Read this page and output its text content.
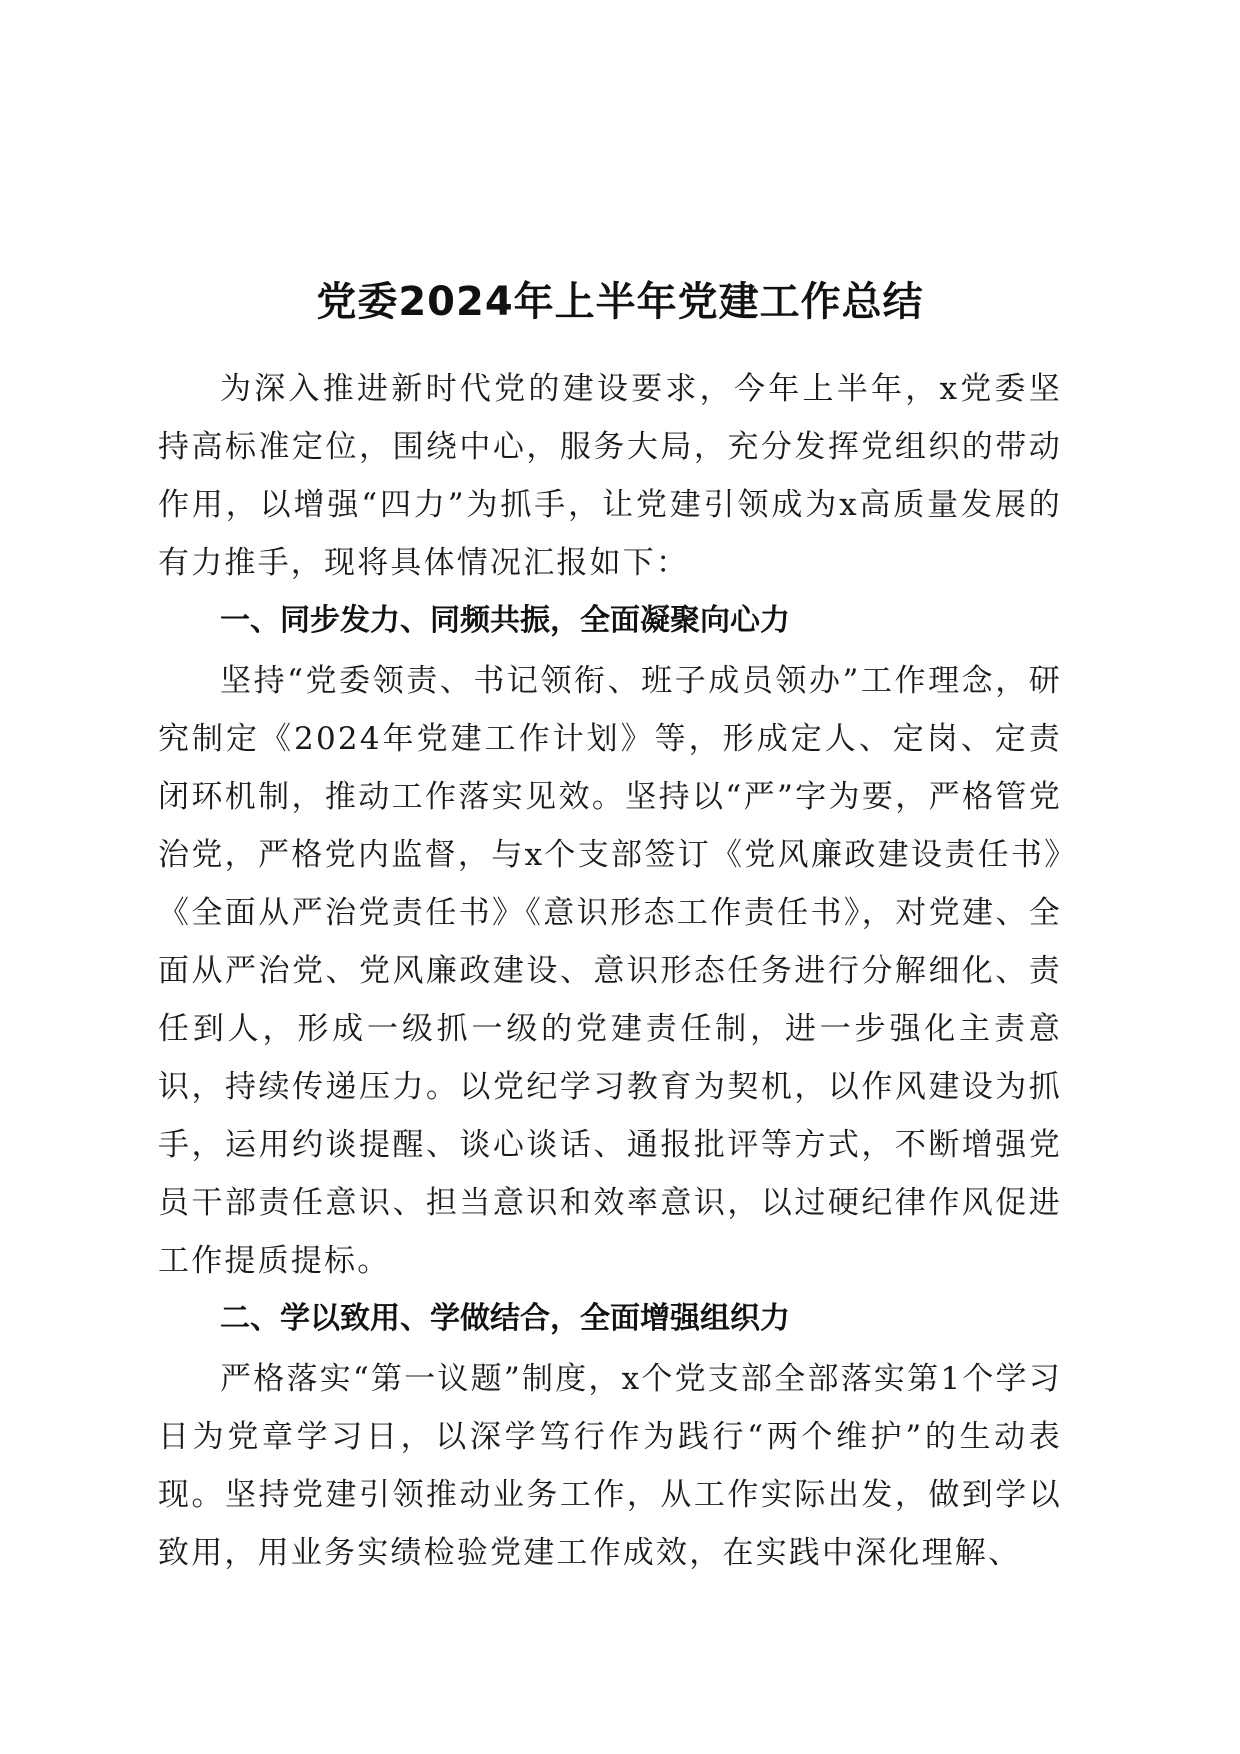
党委2024年上半年党建工作总结

为深入推进新时代党的建设要求，今年上半年，x党委坚持高标准定位，围绕中心，服务大局，充分发挥党组织的带动作用，以增强“四力”为抓手，让党建引领成为x高质量发展的有力推手，现将具体情况汇报如下：

一、同步发力、同频共振，全面凝聚向心力

坚持“党委领责、书记领衔、班子成员领办”工作理念，研究制定《2024年党建工作计划》等，形成定人、定岗、定责闭环机制，推动工作落实见效。坚持以“严”字为要，严格管党治党，严格党内监督，与x个支部签订《党风廉政建设责任书》《全面从严治党责任书》《意识形态工作责任书》，对党建、全面从严治党、党风廉政建设、意识形态任务进行分解细化、责任到人，形成一级抓一级的党建责任制，进一步强化主责意识，持续传递压力。以党纪学习教育为契机，以作风建设为抓手，运用约谈提醒、谈心谈话、通报批评等方式，不断增强党员干部责任意识、担当意识和效率意识，以过硬纪律作风促进工作提质提标。

二、学以致用、学做结合，全面增强组织力

严格落实“第一议题”制度，x个党支部全部落实第1个学习日为党章学习日，以深学笃行作为践行“两个维护”的生动表现。坚持党建引领推动业务工作，从工作实际出发，做到学以致用，用业务实绩检验党建工作成效，在实践中深化理解、
